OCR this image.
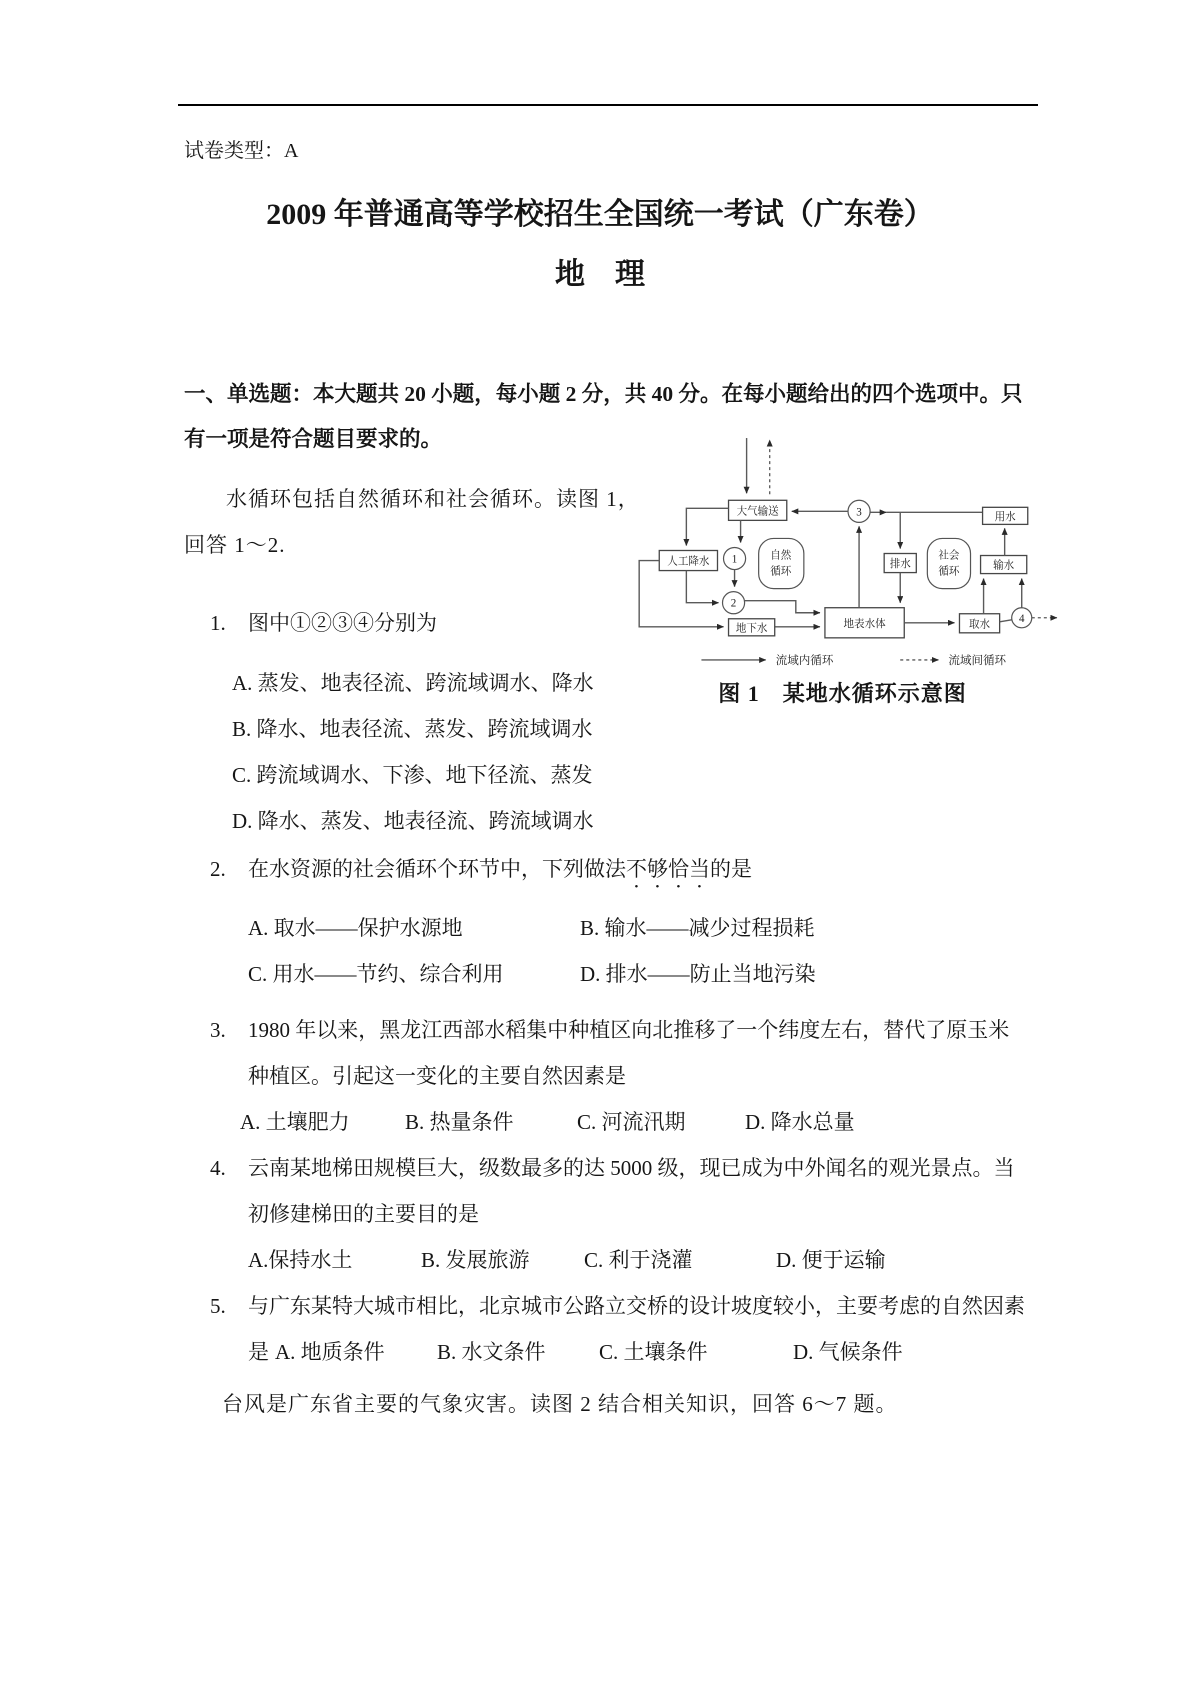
试卷类型：A
2009 年普通高等学校招生全国统一考试（广东卷）
地　理
一、单选题：本大题共 20 小题，每小题 2 分，共 40 分。在每小题给出的四个选项中。只
有一项是符合题目要求的。
大气输送
人工降水 1	自然
循环
2
地下水	地表水体
3
排水
社会
循环
用水
输水
取水
4
流域内循环	流域间循环
图 1　某地水循环示意图
水循环包括自然循环和社会循环。读图 1，
回答 1～2.
1.	图中①②③④分别为
A. 蒸发、地表径流、跨流域调水、降水
B. 降水、地表径流、蒸发、跨流域调水
C. 跨流域调水、下渗、地下径流、蒸发
D. 降水、蒸发、地表径流、跨流域调水
2.	在水资源的社会循环个环节中，下列做法不够恰当的是
A. 取水——保护水源地	B. 输水——减少过程损耗
C. 用水——节约、综合利用	D. 排水——防止当地污染
3.	1980 年以来，黑龙江西部水稻集中种植区向北推移了一个纬度左右，替代了原玉米
种植区。引起这一变化的主要自然因素是
A. 土壤肥力	B. 热量条件	C. 河流汛期	D. 降水总量
4.	云南某地梯田规模巨大，级数最多的达 5000 级，现已成为中外闻名的观光景点。当
初修建梯田的主要目的是
A.保持水土	B. 发展旅游	C. 利于浇灌	D. 便于运输
5.	与广东某特大城市相比，北京城市公路立交桥的设计坡度较小，主要考虑的自然因素
是 A. 地质条件	B. 水文条件	C. 土壤条件	D. 气候条件
台风是广东省主要的气象灾害。读图 2 结合相关知识，回答 6～7 题。
